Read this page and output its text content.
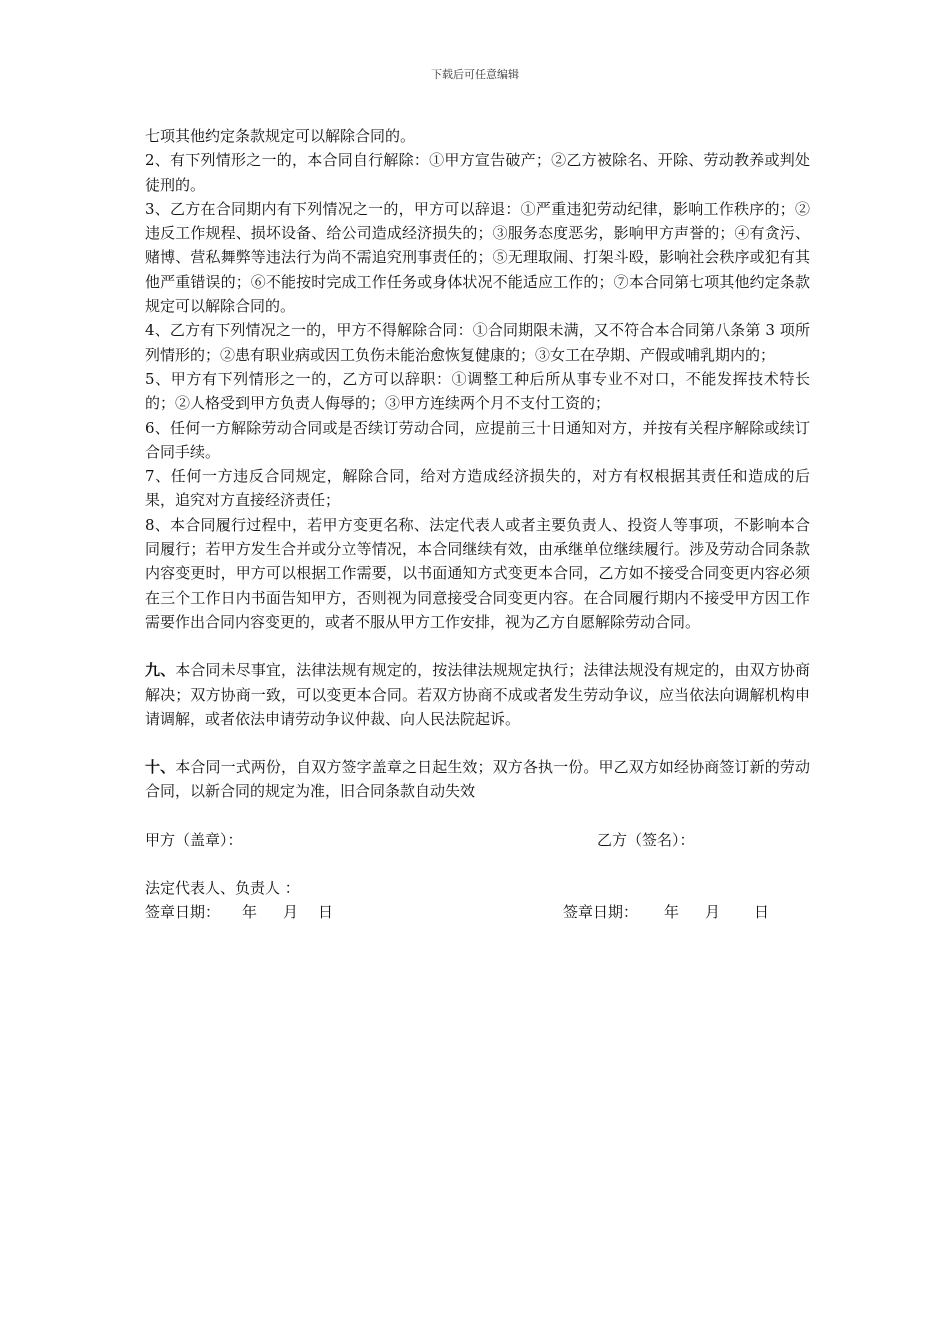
下载后可任意编辑

七项其他约定条款规定可以解除合同的。

2、有下列情形之一的，本合同自行解除：①甲方宣告破产；②乙方被除名、开除、劳动教养或判处徒刑的。

3、乙方在合同期内有下列情况之一的，甲方可以辞退：①严重违犯劳动纪律，影响工作秩序的；②违反工作规程、损坏设备、给公司造成经济损失的；③服务态度恶劣，影响甲方声誉的；④有贪污、赌博、营私舞弊等违法行为尚不需追究刑事责任的；⑤无理取闹、打架斗殴，影响社会秩序或犯有其他严重错误的；⑥不能按时完成工作任务或身体状况不能适应工作的；⑦本合同第七项其他约定条款规定可以解除合同的。

4、乙方有下列情况之一的，甲方不得解除合同：①合同期限未满，又不符合本合同第八条第 3 项所列情形的；②患有职业病或因工负伤未能治愈恢复健康的；③女工在孕期、产假或哺乳期内的；

5、甲方有下列情形之一的，乙方可以辞职：①调整工种后所从事专业不对口，不能发挥技术特长的；②人格受到甲方负责人侮辱的；③甲方连续两个月不支付工资的；

6、任何一方解除劳动合同或是否续订劳动合同，应提前三十日通知对方，并按有关程序解除或续订合同手续。

7、任何一方违反合同规定，解除合同，给对方造成经济损失的，对方有权根据其责任和造成的后果，追究对方直接经济责任；

8、本合同履行过程中，若甲方变更名称、法定代表人或者主要负责人、投资人等事项，不影响本合同履行；若甲方发生合并或分立等情况，本合同继续有效，由承继单位继续履行。涉及劳动合同条款内容变更时，甲方可以根据工作需要，以书面通知方式变更本合同，乙方如不接受合同变更内容必须在三个工作日内书面告知甲方，否则视为同意接受合同变更内容。在合同履行期内不接受甲方因工作需要作出合同内容变更的，或者不服从甲方工作安排，视为乙方自愿解除劳动合同。

九、本合同未尽事宜，法律法规有规定的，按法律法规规定执行；法律法规没有规定的，由双方协商解决；双方协商一致，可以变更本合同。若双方协商不成或者发生劳动争议，应当依法向调解机构申请调解，或者依法申请劳动争议仲裁、向人民法院起诉。

十、本合同一式两份，自双方签字盖章之日起生效；双方各执一份。甲乙双方如经协商签订新的劳动合同，以新合同的规定为准，旧合同条款自动失效

甲方（盖章）：	乙方（签名）：
法定代表人、负责人 ：
签章日期： 年 月 日	签章日期： 年 月 日
